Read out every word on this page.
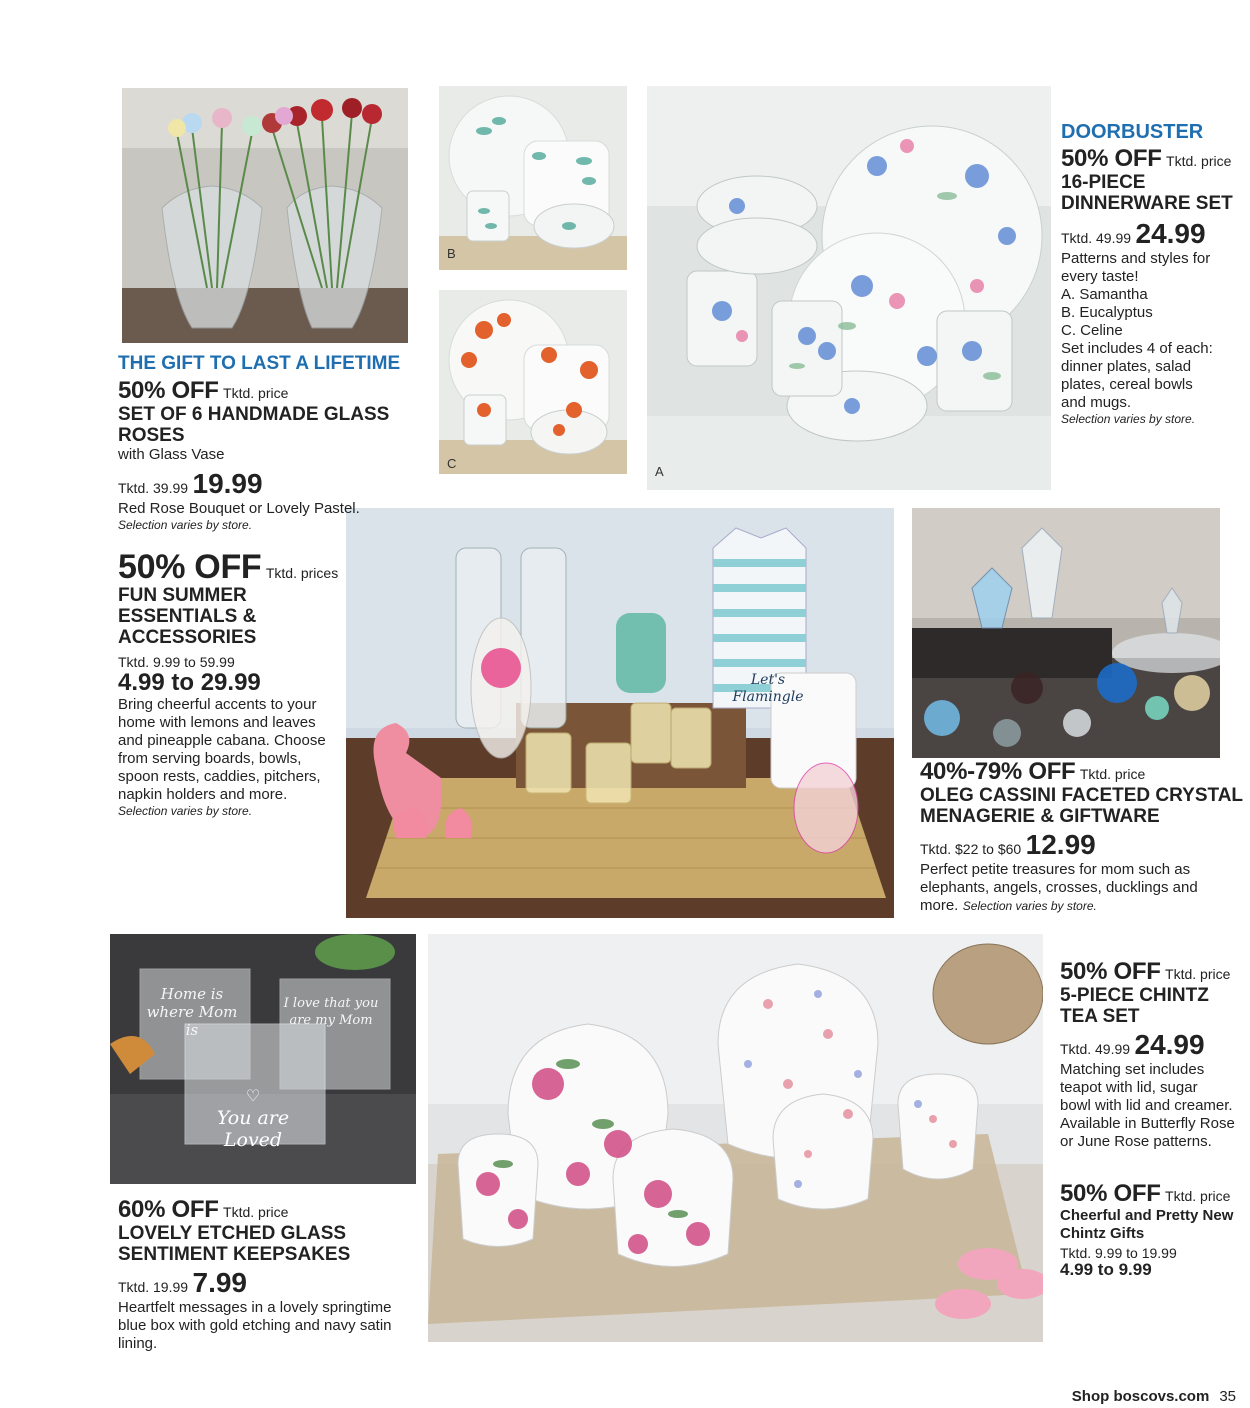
B
C
A
Home is where Mom is
I love that you are my Mom
♡
You are Loved
THE GIFT TO LAST A LIFETIME
50% OFF Tktd. price
SET OF 6 HANDMADE GLASS ROSES
with Glass Vase
Tktd. 39.99 19.99
Red Rose Bouquet or Lovely Pastel.
Selection varies by store.
DOORBUSTER
50% OFF Tktd. price
16-PIECE
DINNERWARE SET
Tktd. 49.99 24.99
Patterns and styles for
every taste!
A. Samantha
B. Eucalyptus
C. Celine
Set includes 4 of each:
dinner plates, salad
plates, cereal bowls
and mugs.
Selection varies by store.
50% OFF Tktd. prices
FUN SUMMER
ESSENTIALS &
ACCESSORIES
Tktd. 9.99 to 59.99
4.99 to 29.99
Bring cheerful accents to your
home with lemons and leaves
and pineapple cabana. Choose
from serving boards, bowls,
spoon rests, caddies, pitchers,
napkin holders and more.
Selection varies by store.
Let's Flamingle
40%-79% OFF Tktd. price
OLEG CASSINI FACETED CRYSTAL
MENAGERIE & GIFTWARE
Tktd. $22 to $60 12.99
Perfect petite treasures for mom such as
elephants, angels, crosses, ducklings and
more. Selection varies by store.
60% OFF Tktd. price
LOVELY ETCHED GLASS
SENTIMENT KEEPSAKES
Tktd. 19.99 7.99
Heartfelt messages in a lovely springtime
blue box with gold etching and navy satin
lining.
50% OFF Tktd. price
5-PIECE CHINTZ
TEA SET
Tktd. 49.99 24.99
Matching set includes
teapot with lid, sugar
bowl with lid and creamer.
Available in Butterfly Rose
or June Rose patterns.
50% OFF Tktd. price
Cheerful and Pretty New
Chintz Gifts
Tktd. 9.99 to 19.99
4.99 to 9.99
Shop boscovs.com 35
